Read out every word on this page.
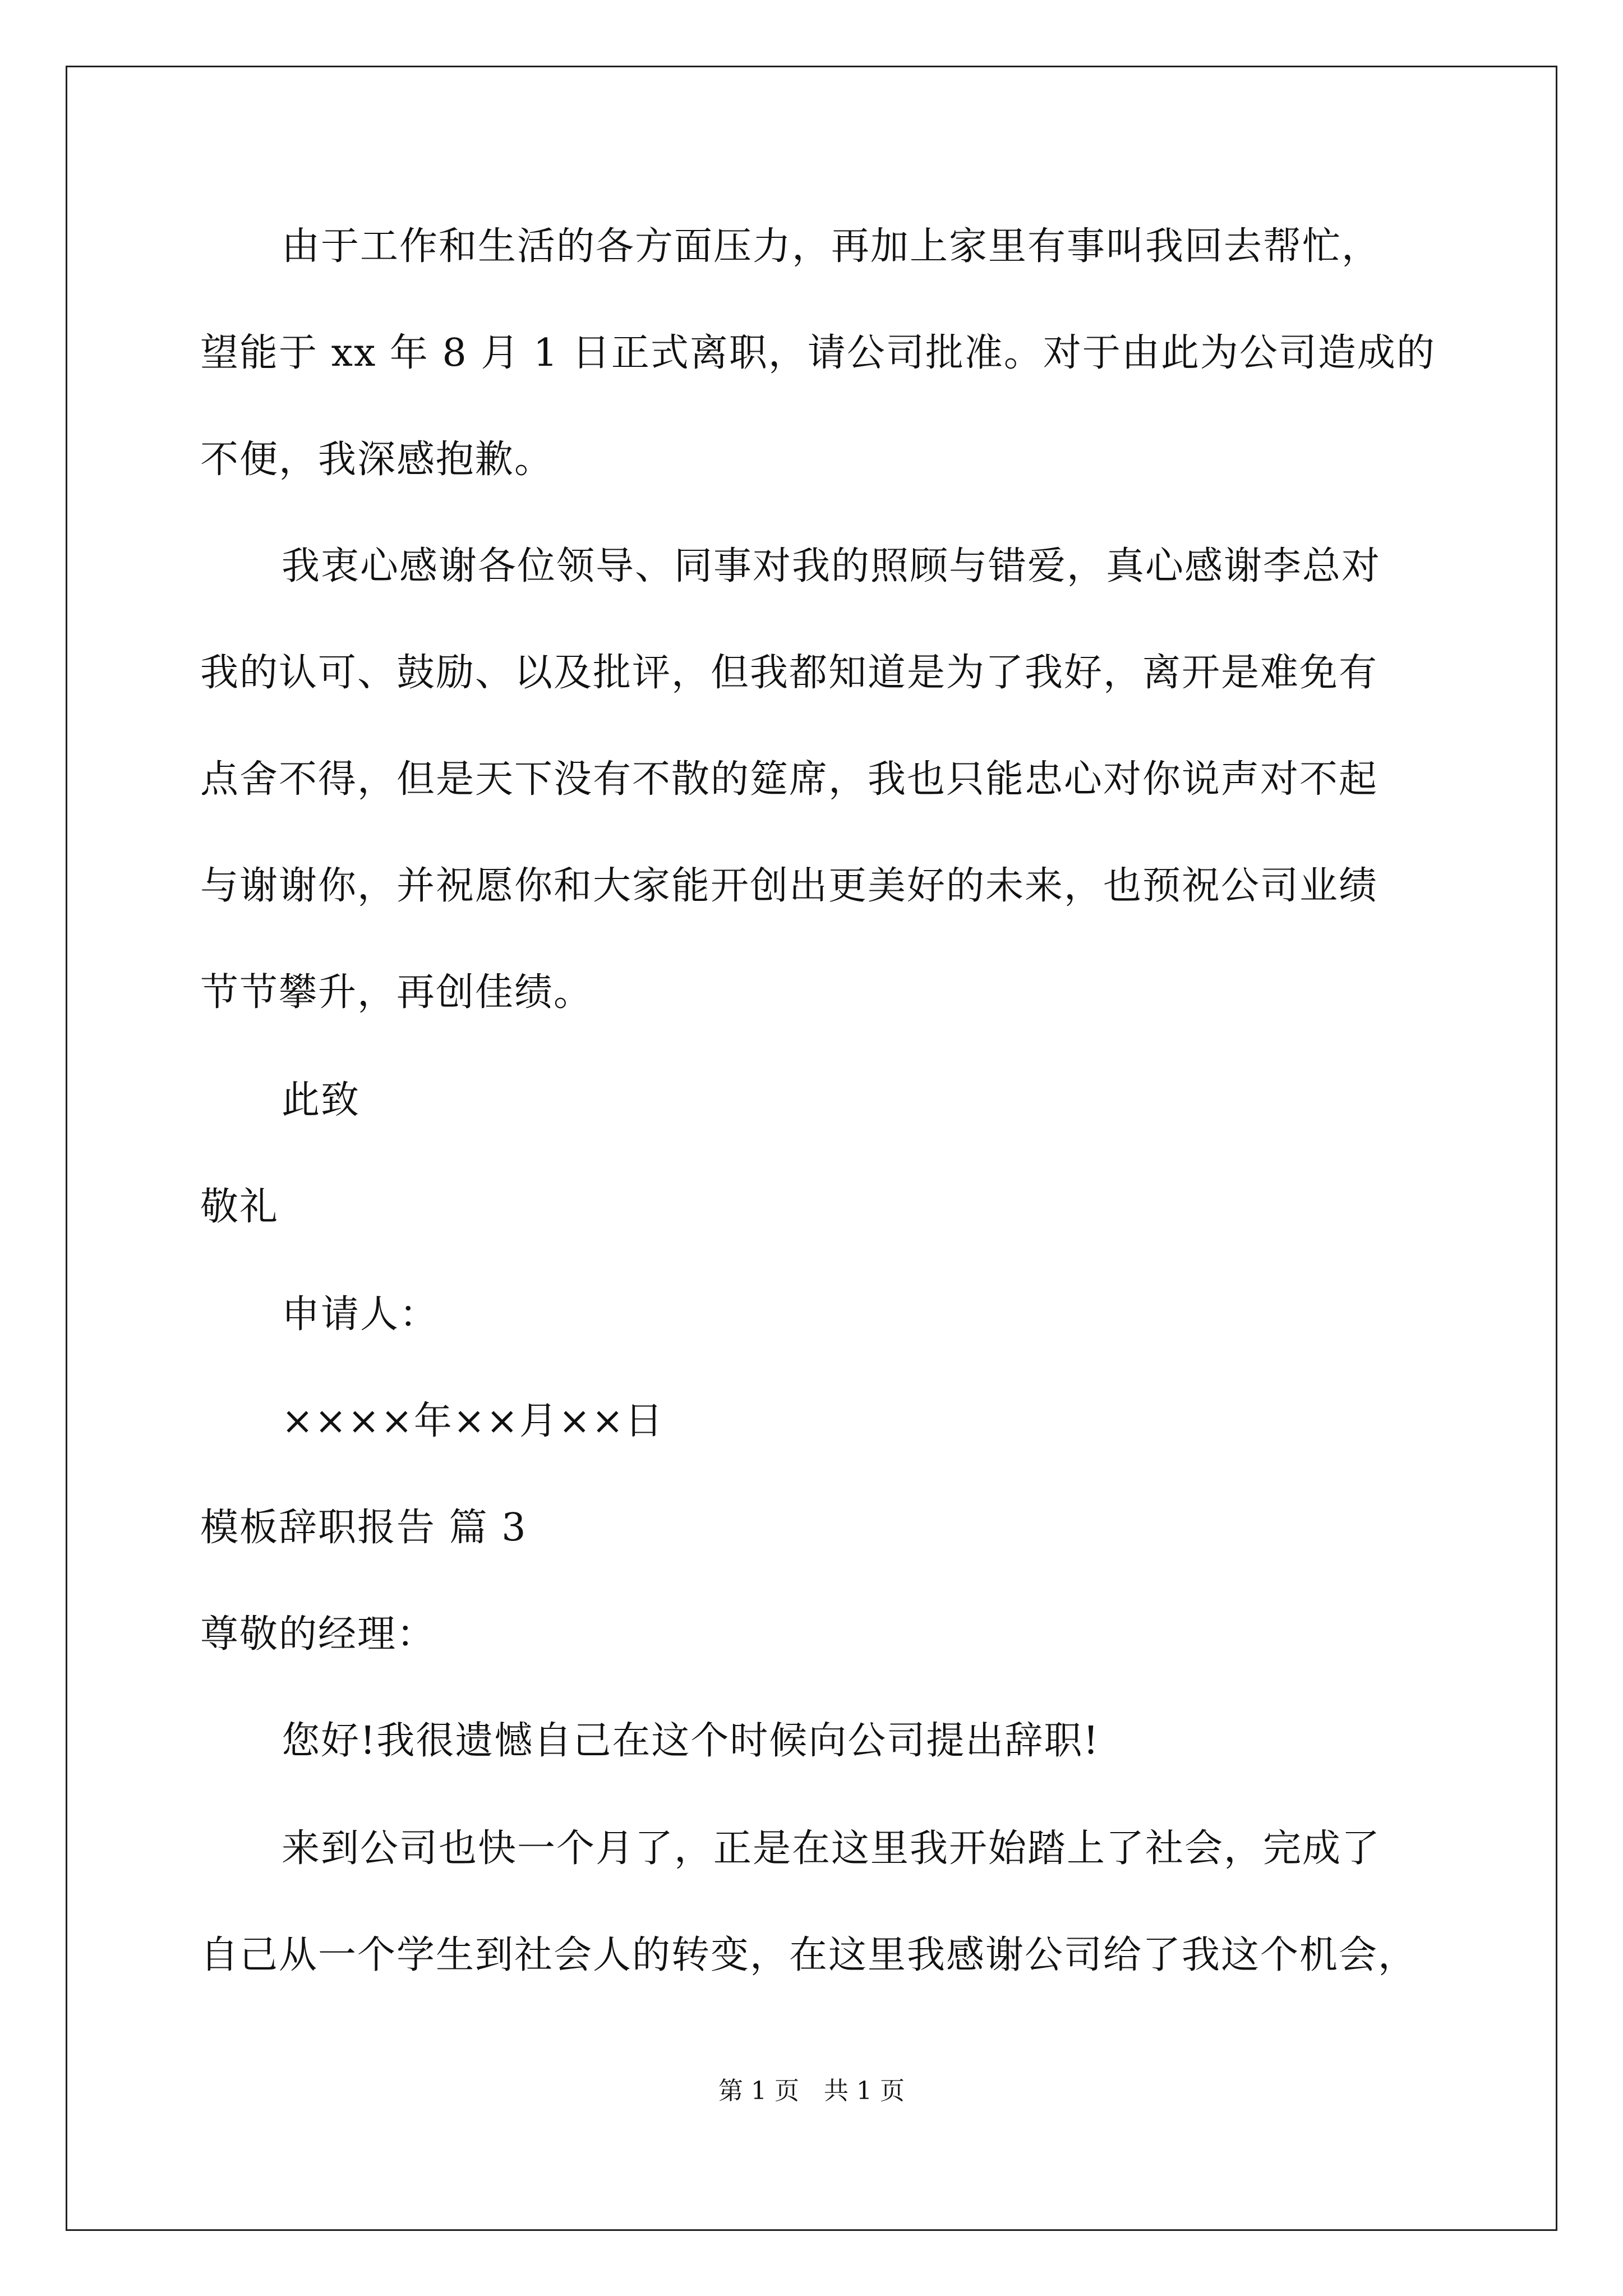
由于工作和生活的各方面压力，再加上家里有事叫我回去帮忙，
望能于 xx 年 8 月 1 日正式离职，请公司批准。对于由此为公司造成的
不便，我深感抱歉。
我衷心感谢各位领导、同事对我的照顾与错爱，真心感谢李总对
我的认可、鼓励、以及批评，但我都知道是为了我好，离开是难免有
点舍不得，但是天下没有不散的筵席，我也只能忠心对你说声对不起
与谢谢你，并祝愿你和大家能开创出更美好的未来，也预祝公司业绩
节节攀升，再创佳绩。
此致
敬礼
申请人：
××××年××月××日
模板辞职报告 篇 3
尊敬的经理：
您好!我很遗憾自己在这个时候向公司提出辞职!
来到公司也快一个月了，正是在这里我开始踏上了社会，完成了
自己从一个学生到社会人的转变，在这里我感谢公司给了我这个机会，
第 1 页　共 1 页
